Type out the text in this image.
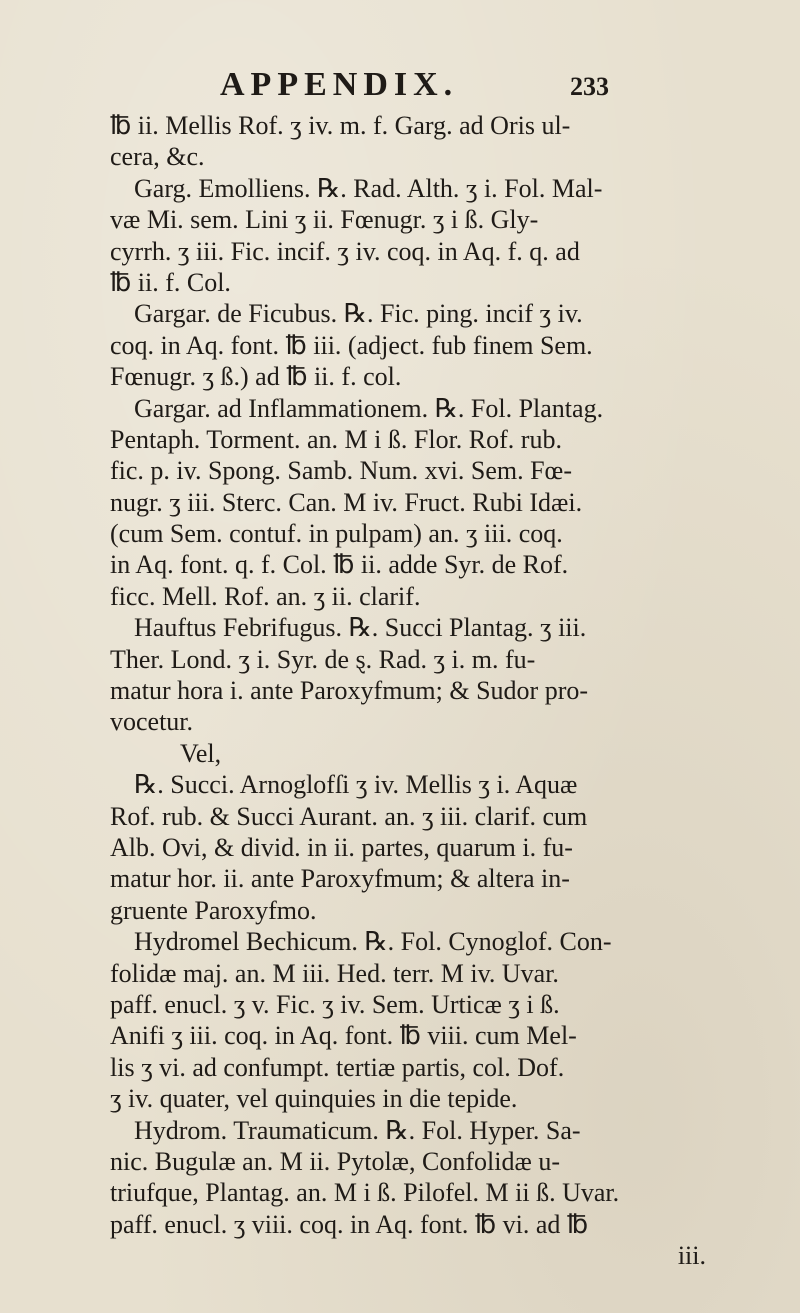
APPENDIX.	233
℔ ii. Mellis Rof. ʒ iv. m. f. Garg. ad Oris ul-
cera, &c.
Garg. Emolliens. ℞. Rad. Alth. ʒ i. Fol. Mal-
væ Mi. sem. Lini ʒ ii. Fœnugr. ʒ i ß. Gly-
cyrrh. ʒ iii. Fic. incif. ʒ iv. coq. in Aq. f. q. ad
℔ ii. f. Col.
Gargar. de Ficubus. ℞. Fic. ping. incif ʒ iv.
coq. in Aq. font. ℔ iii. (adject. fub finem Sem.
Fœnugr. ʒ ß.) ad ℔ ii. f. col.
Gargar. ad Inflammationem. ℞. Fol. Plantag.
Pentaph. Torment. an. M i ß. Flor. Rof. rub.
fic. p. iv. Spong. Samb. Num. xvi. Sem. Fœ-
nugr. ʒ iii. Sterc. Can. M iv. Fruct. Rubi Idæi.
(cum Sem. contuf. in pulpam) an. ʒ iii. coq.
in Aq. font. q. f. Col. ℔ ii. adde Syr. de Rof.
ficc. Mell. Rof. an. ʒ ii. clarif.
Hauftus Febrifugus. ℞. Succi Plantag. ʒ iii.
Ther. Lond. ʒ i. Syr. de ȿ. Rad. ʒ i. m. fu-
matur hora i. ante Paroxyfmum; & Sudor pro-
vocetur.
Vel,
℞. Succi. Arnoglofſi ʒ iv. Mellis ʒ i. Aquæ
Rof. rub. & Succi Aurant. an. ʒ iii. clarif. cum
Alb. Ovi, & divid. in ii. partes, quarum i. fu-
matur hor. ii. ante Paroxyfmum; & altera in-
gruente Paroxyfmo.
Hydromel Bechicum. ℞. Fol. Cynoglof. Con-
folidæ maj. an. M iii. Hed. terr. M iv. Uvar.
paff. enucl. ʒ v. Fic. ʒ iv. Sem. Urticæ ʒ i ß.
Anifi ʒ iii. coq. in Aq. font. ℔ viii. cum Mel-
lis ʒ vi. ad confumpt. tertiæ partis, col. Dof.
ʒ iv. quater, vel quinquies in die tepide.
Hydrom. Traumaticum. ℞. Fol. Hyper. Sa-
nic. Bugulæ an. M ii. Pytolæ, Confolidæ u-
triufque, Plantag. an. M i ß. Pilofel. M ii ß. Uvar.
paff. enucl. ʒ viii. coq. in Aq. font. ℔ vi. ad ℔
iii.
